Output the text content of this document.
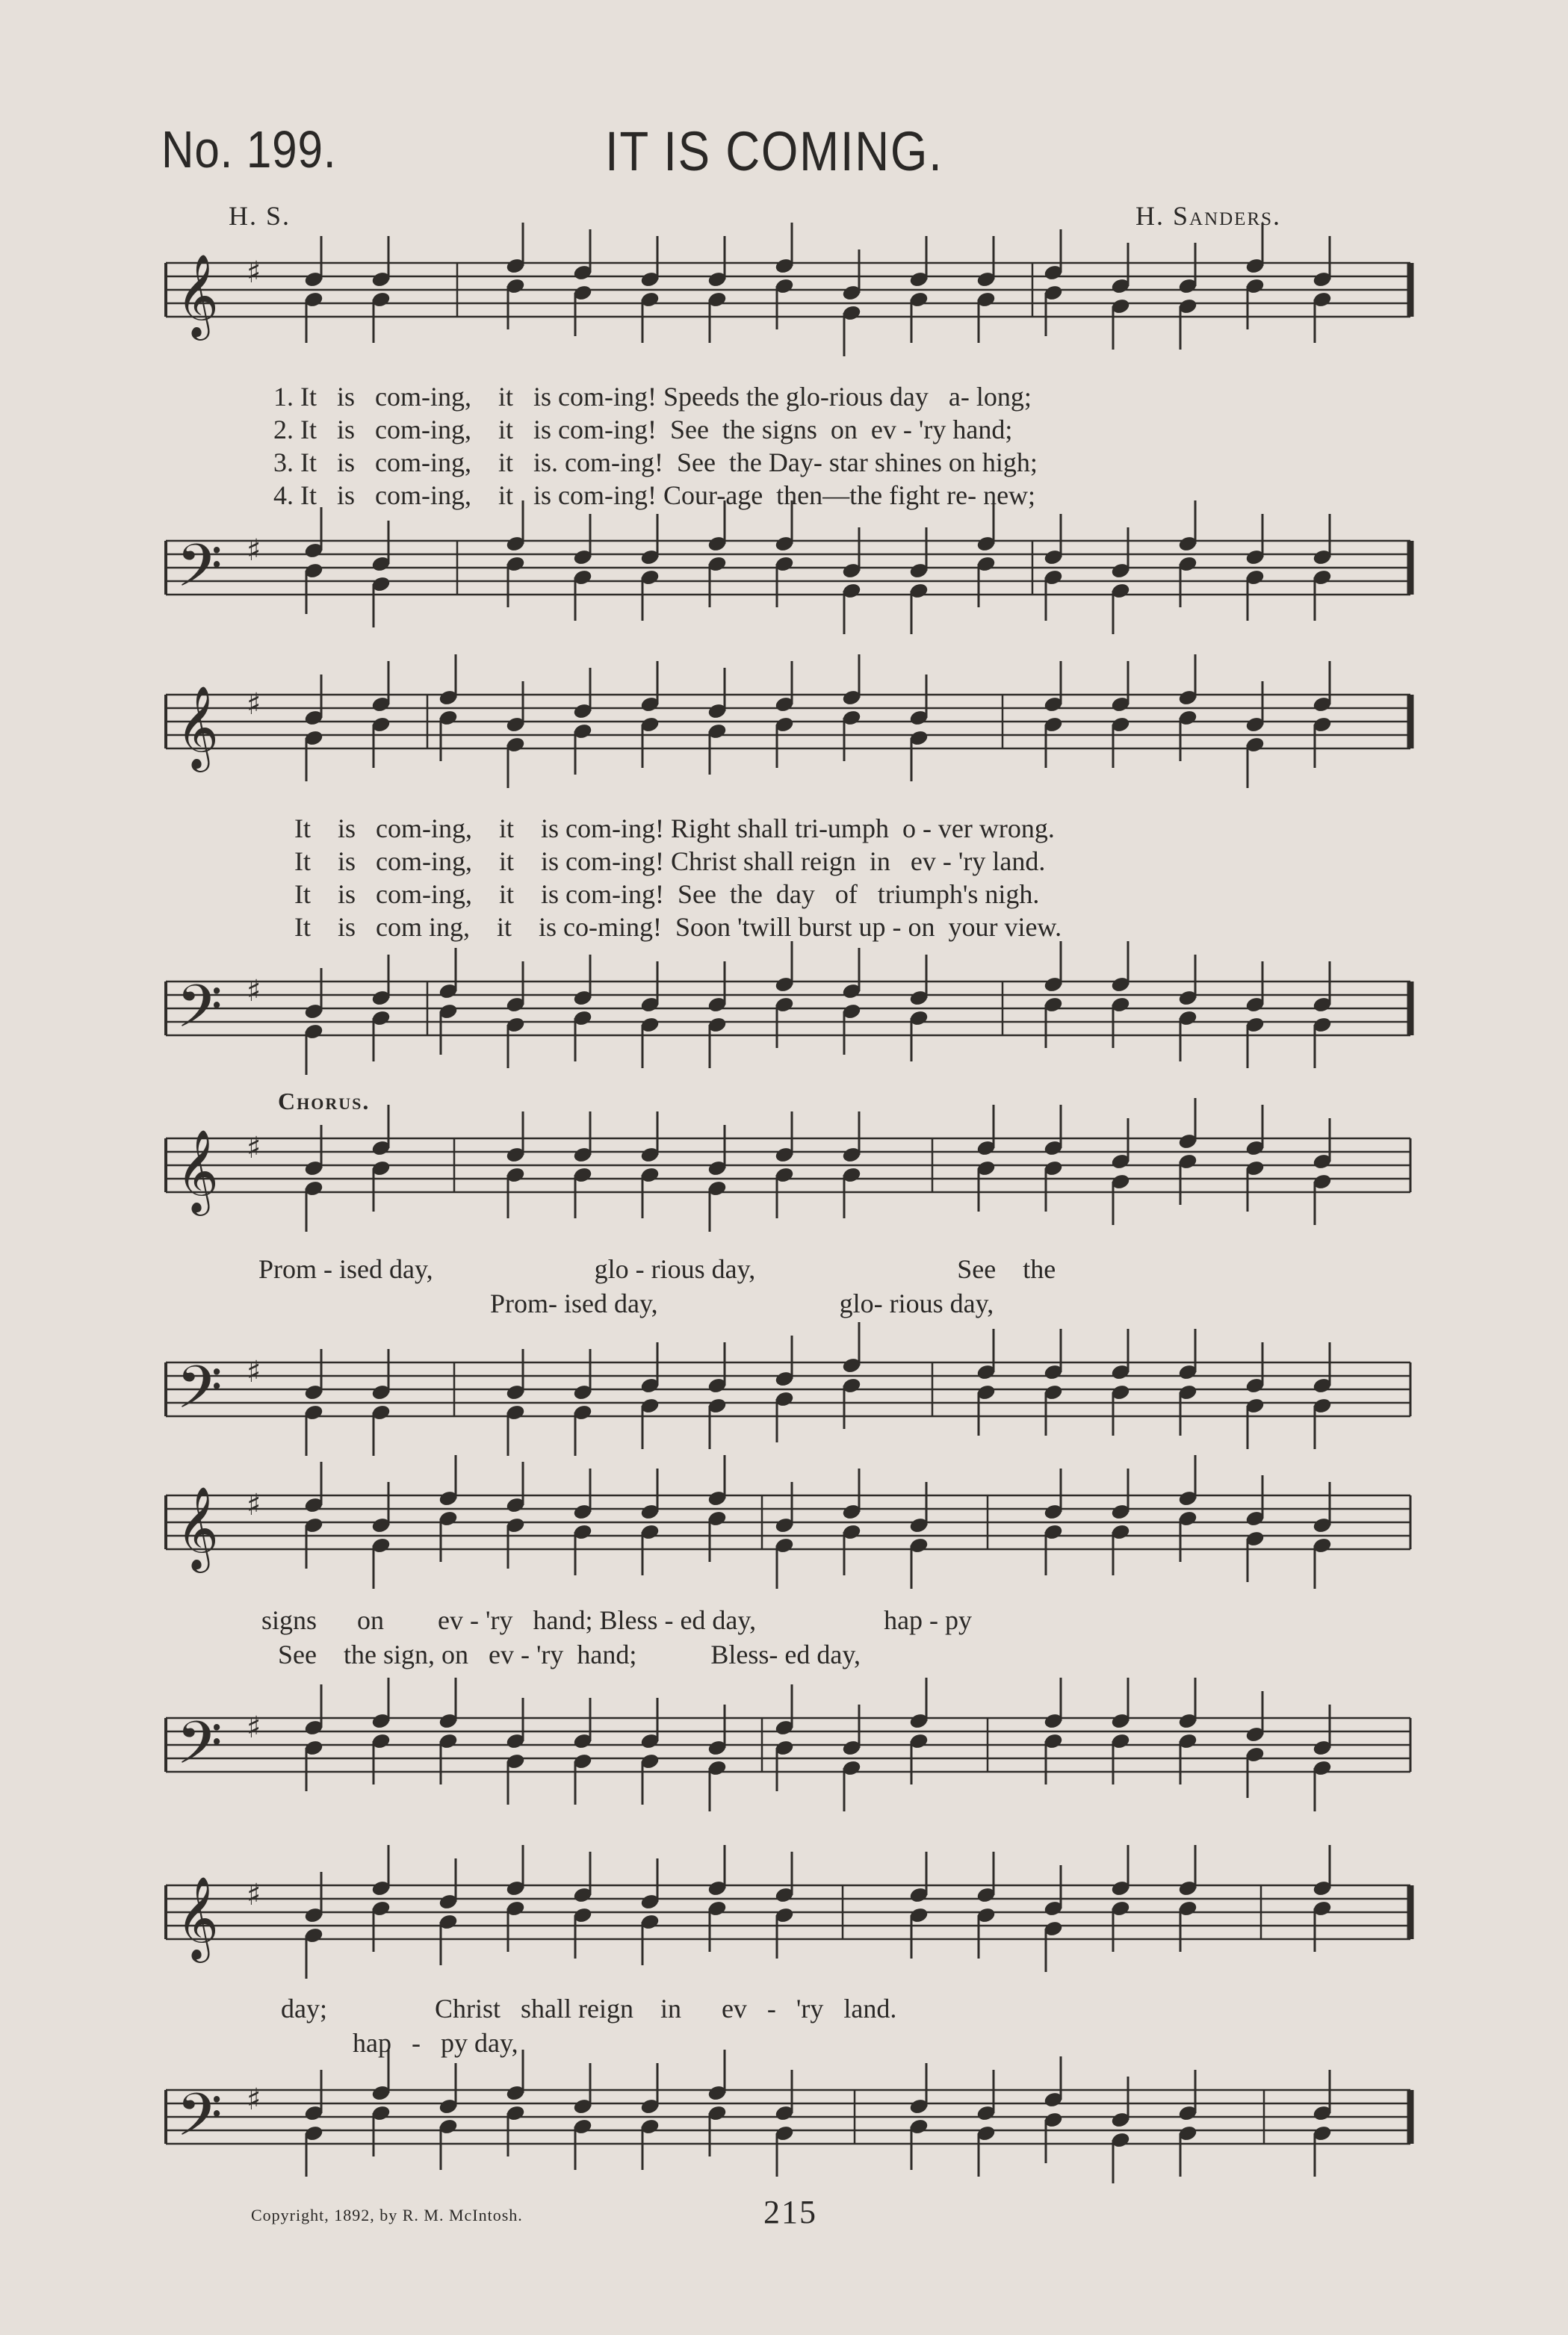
No. 199.	IT IS COMING.
H. S.	H. Sanders.
𝄞 ♯
𝄢 ♯
𝄞 ♯
𝄢 ♯
𝄞 ♯
𝄢 ♯
𝄞 ♯
𝄢 ♯
𝄞 ♯
𝄢 ♯
1. It   is   com-ing,    it   is com-ing! Speeds the glo-rious day   a- long;
2. It   is   com-ing,    it   is com-ing!  See  the signs  on  ev - 'ry hand;
3. It   is   com-ing,    it   is. com-ing!  See  the Day- star shines on high;
4. It   is   com-ing,    it   is com-ing! Cour-age  then—the fight re- new;
It    is   com-ing,    it    is com-ing! Right shall tri-umph  o - ver wrong.
It    is   com-ing,    it    is com-ing! Christ shall reign  in   ev - 'ry land.
It    is   com-ing,    it    is com-ing!  See  the  day   of   triumph's nigh.
It    is   com ing,    it    is co-ming!  Soon 'twill burst up - on  your view.
Chorus.
Prom - ised day,                        glo - rious day,                              See    the
Prom- ised day,                           glo- rious day,
signs      on        ev - 'ry   hand; Bless - ed day,                   hap - py
See    the sign, on   ev - 'ry  hand;           Bless- ed day,
day;                Christ   shall reign    in      ev   -   'ry   land.
hap   -   py day,
Copyright, 1892, by R. M. McIntosh.	215
